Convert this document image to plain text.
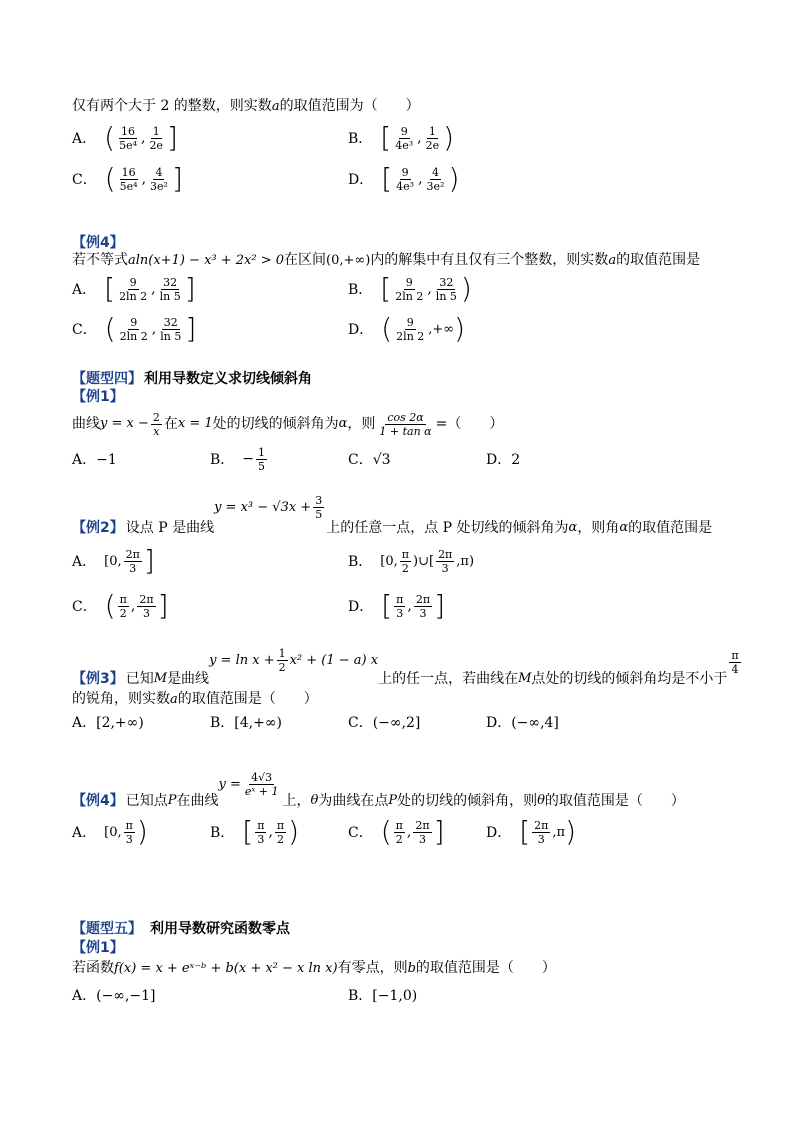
仅有两个大于 2 的整数，则实数a的取值范围为（　　）
A． ( $\frac{16}{\text{5e⁴}}$ , $\frac{1}{2e}$ ]	B． [ $\frac{9}{\text{4e³}}$ , $\frac{1}{2e}$ )
C． ( $\frac{16}{\text{5e⁴}}$ , $\frac{4}{\text{3e²}}$ ]	D． [ $\frac{9}{\text{4e³}}$ , $\frac{4}{\text{3e²}}$ )
【例4】
若不等式aln(x+1) − x³ + 2x² > 0在区间(0,+∞)内的解集中有且仅有三个整数，则实数a的取值范围是
A． [ $\frac{9}{2\ln 2}$ , $\frac{32}{\ln 5}$ ]	B． [ $\frac{9}{2\ln 2}$ , $\frac{32}{\ln 5}$ )
C． ( $\frac{9}{2\ln 2}$ , $\frac{32}{\ln 5}$ ]	D． ( $\frac{9}{2\ln 2}$ ,+∞ )
【题型四】 利用导数定义求切线倾斜角
【例1】
曲线 $y = x - \frac{2}{x}$ 在 x = 1 处的切线的倾斜角为 α ，则 $\frac{\cos 2\alpha}{\text{1 + tan α}}$ =（　　）
A．−1	B． − $\frac{1}{5}$	C．√3	D．2
【例2】 设点 P 是曲线
$y = x^3 - √3x + \frac{3}{5}$
上的任意一点，点 P 处切线的倾斜角为 α ，则角 α 的取值范围是
A． [0, $\frac{2\pi}{3}$ ]	B． [0, $\frac{\pi}{2}$ )∪[ $\frac{2\pi}{3} ,\pi$)
C． ( $\frac{\pi}{2}$ , $\frac{2\pi}{3}$ ]	D． [ $\frac{\pi}{3}$ , $\frac{2\pi}{3}$ ]
【例3】 已知 M 是曲线
$y = \ln x + \frac{1}{2} x^2 + (1 - a)$ x
上的任一点，若曲线在 M 点处的切线的倾斜角均是不小于
$\frac{\pi}{4}$
的锐角，则实数a的取值范围是（　　）
A．[2,+∞)	B．[4,+∞)	C．(−∞,2]	D．(−∞,4]
【例4】 已知点 P 在曲线
$y = \frac{4√3}{\text{eˣ + 1}}$
上， θ 为曲线在点 P 处的切线的倾斜角，则 θ 的取值范围是（　　）
A． [0, $\frac{\pi}{3}$ )	B． [ $\frac{\pi}{3}$ , $\frac{\pi}{2}$ )	C． ( $\frac{\pi}{2}$ , $\frac{2\pi}{3}$ ]	D． [ $\frac{2\pi}{3} ,\pi$ )
【题型五】 利用导数研究函数零点
【例1】
若函数f(x) = x + eˣ⁻ᵇ + b(x + x² − x ln x)有零点，则b的取值范围是（　　）
A．(−∞,−1]	B．[−1,0)
